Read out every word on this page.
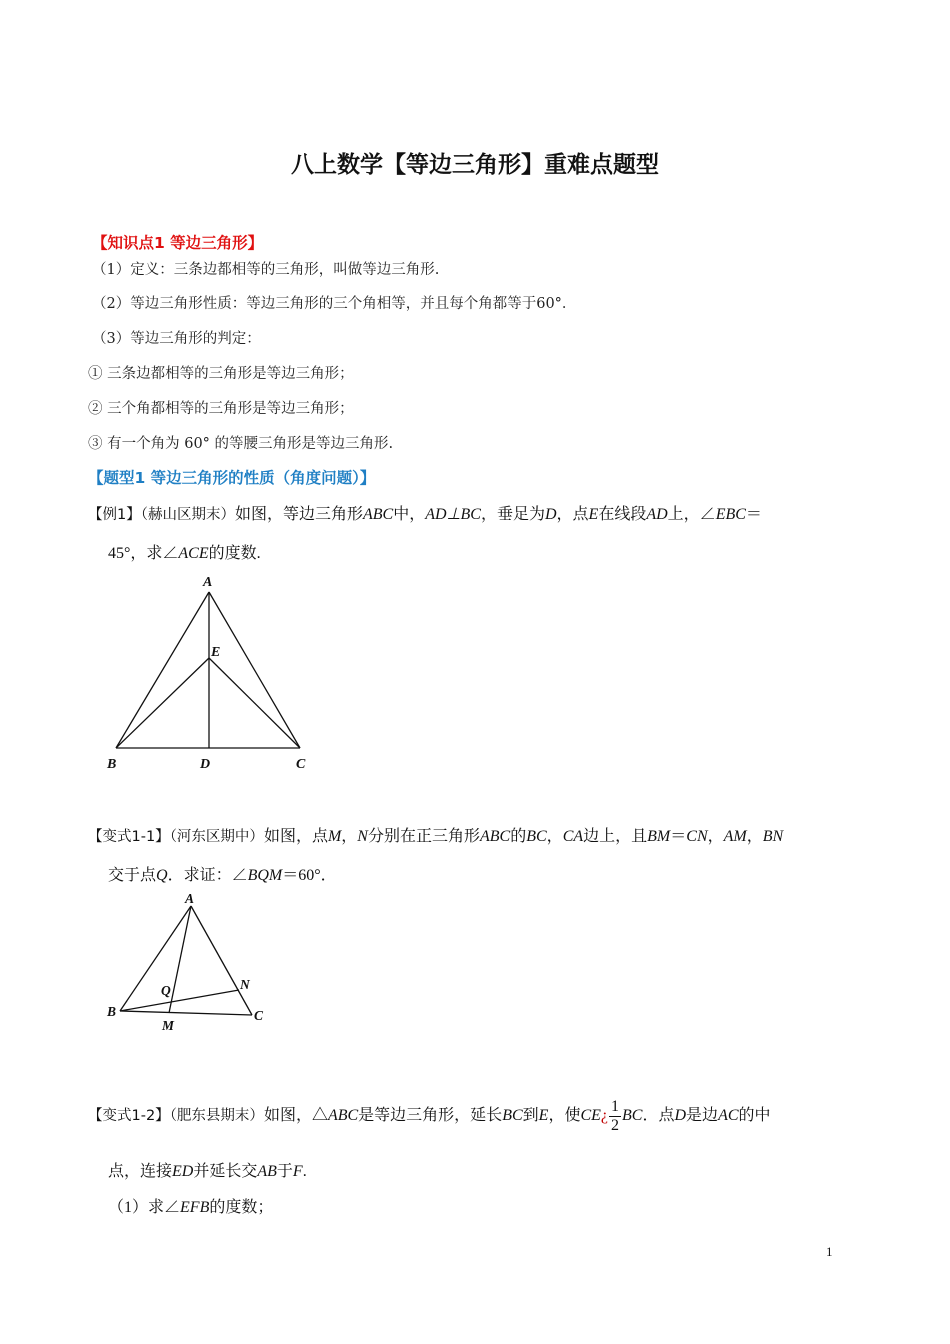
八上数学【等边三角形】重难点题型
【知识点1 等边三角形】
（1）定义：三条边都相等的三角形，叫做等边三角形.
（2）等边三角形性质：等边三角形的三个角相等，并且每个角都等于60°．
（3）等边三角形的判定：
① 三条边都相等的三角形是等边三角形；
② 三个角都相等的三角形是等边三角形；
③ 有一个角为 60° 的等腰三角形是等边三角形.
【题型1 等边三角形的性质（角度问题）】
【例1】（赫山区期末）如图，等边三角形ABC中，AD⊥BC，垂足为D，点E在线段AD上，∠EBC＝
45°，求∠ACE的度数.
A
E
B	D	C
【变式1-1】（河东区期中）如图，点M，N分别在正三角形ABC的BC，CA边上，且BM＝CN，AM，BN
交于点Q．求证：∠BQM＝60°．
A
N
Q
B	C
M
【变式1-2】（肥东县期末）如图，△ABC是等边三角形，延长BC到E，使CE¿ $\frac{1}{2}$ BC．点D是边AC的中
点，连接ED并延长交AB于F.
（1）求∠EFB的度数；
1
